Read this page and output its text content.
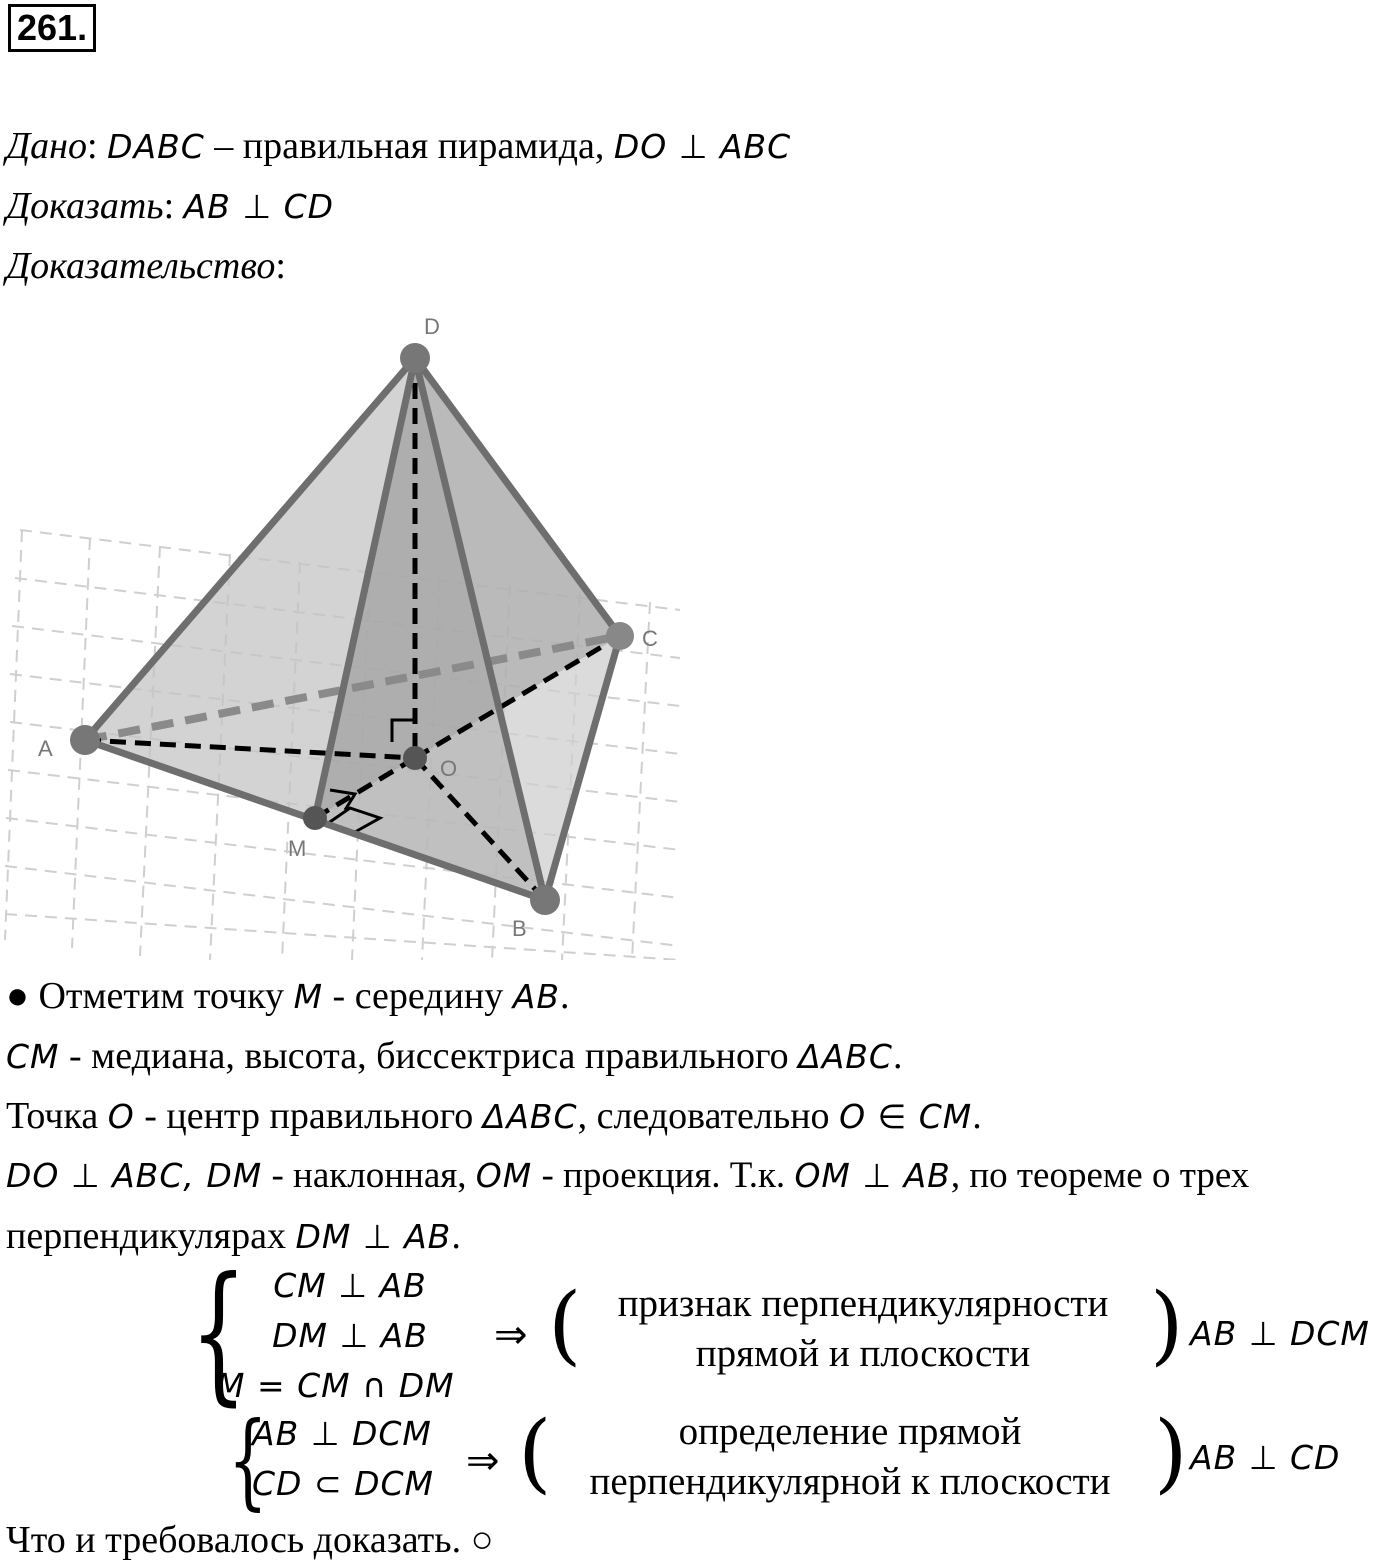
261.
Дано: DABC – правильная пирамида, DO ⊥ ABC
Доказать: AB ⊥ CD
Доказательство:
D
A
C
O
M
B
● Отметим точку M - середину AB.
CM - медиана, высота, биссектриса правильного ΔABC.
Точка O - центр правильного ΔABC, следовательно O ∈ CM.
DO ⊥ ABC, DM - наклонная, OM - проекция. Т.к. OM ⊥ AB, по теореме о трех
перпендикулярах DM ⊥ AB.
{ CM ⊥ AB
DM ⊥ AB
M = CM ∩ DM
⇒ ( признак перпендикулярности
прямой и плоскости	) AB ⊥ DCM
{
AB ⊥ DCM
CD ⊂ DCM ⇒ (	определение прямой
перпендикулярной к плоскости ) AB ⊥ CD
Что и требовалось доказать. ○
